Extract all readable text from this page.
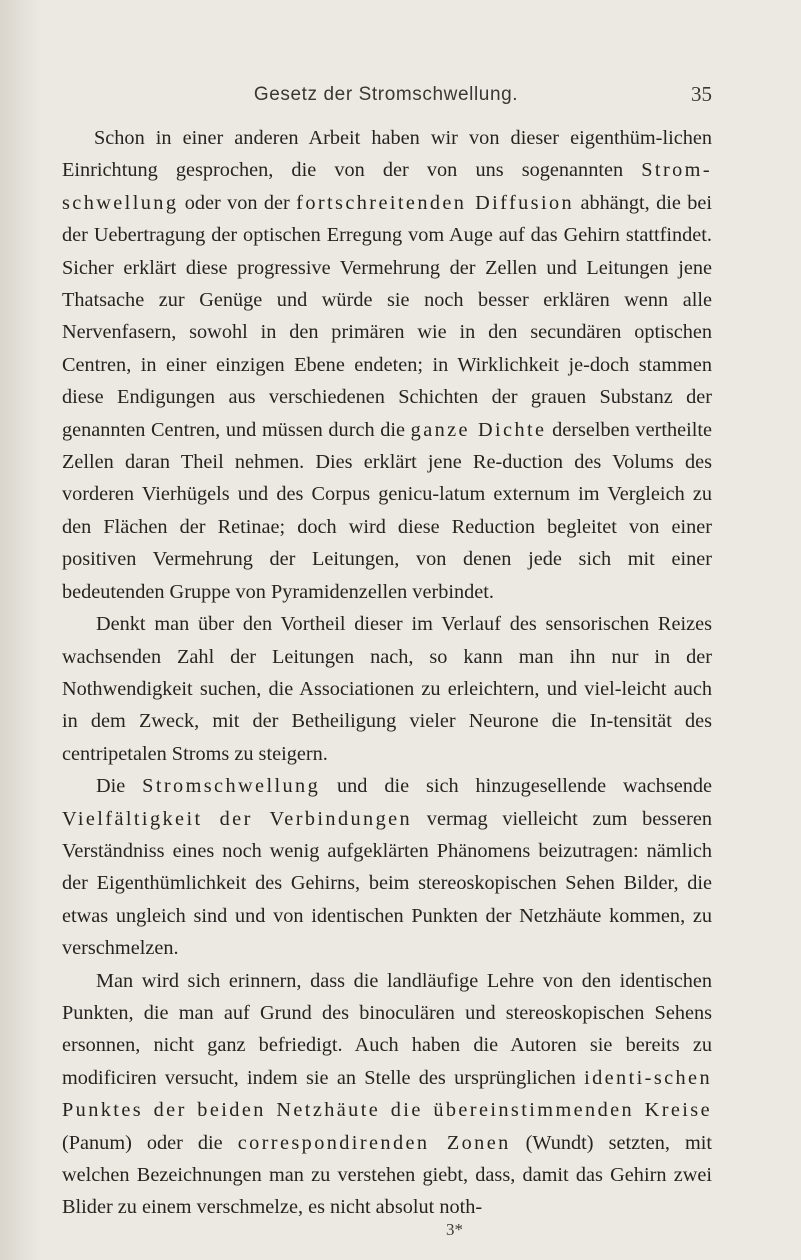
Gesetz der Stromschwellung.	35

Schon in einer anderen Arbeit haben wir von dieser eigenthüm-lichen Einrichtung gesprochen, die von der von uns sogenannten Strom-schwellung oder von der fortschreitenden Diffusion abhängt, die bei der Uebertragung der optischen Erregung vom Auge auf das Gehirn stattfindet. Sicher erklärt diese progressive Vermehrung der Zellen und Leitungen jene Thatsache zur Genüge und würde sie noch besser erklären wenn alle Nervenfasern, sowohl in den primären wie in den secundären optischen Centren, in einer einzigen Ebene endeten; in Wirklichkeit je-doch stammen diese Endigungen aus verschiedenen Schichten der grauen Substanz der genannten Centren, und müssen durch die ganze Dichte derselben vertheilte Zellen daran Theil nehmen. Dies erklärt jene Re-duction des Volums des vorderen Vierhügels und des Corpus genicu-latum externum im Vergleich zu den Flächen der Retinae; doch wird diese Reduction begleitet von einer positiven Vermehrung der Leitungen, von denen jede sich mit einer bedeutenden Gruppe von Pyramidenzellen verbindet.

Denkt man über den Vortheil dieser im Verlauf des sensorischen Reizes wachsenden Zahl der Leitungen nach, so kann man ihn nur in der Nothwendigkeit suchen, die Associationen zu erleichtern, und viel-leicht auch in dem Zweck, mit der Betheiligung vieler Neurone die In-tensität des centripetalen Stroms zu steigern.

Die Stromschwellung und die sich hinzugesellende wachsende Vielfältigkeit der Verbindungen vermag vielleicht zum besseren Verständniss eines noch wenig aufgeklärten Phänomens beizutragen: nämlich der Eigenthümlichkeit des Gehirns, beim stereoskopischen Sehen Bilder, die etwas ungleich sind und von identischen Punkten der Netzhäute kommen, zu verschmelzen.

Man wird sich erinnern, dass die landläufige Lehre von den identischen Punkten, die man auf Grund des binoculären und stereoskopischen Sehens ersonnen, nicht ganz befriedigt. Auch haben die Autoren sie bereits zu modificiren versucht, indem sie an Stelle des ursprünglichen identi-schen Punktes der beiden Netzhäute die übereinstimmenden Kreise (Panum) oder die correspondirenden Zonen (Wundt) setzten, mit welchen Bezeichnungen man zu verstehen giebt, dass, damit das Gehirn zwei Blider zu einem verschmelze, es nicht absolut noth-

3*
